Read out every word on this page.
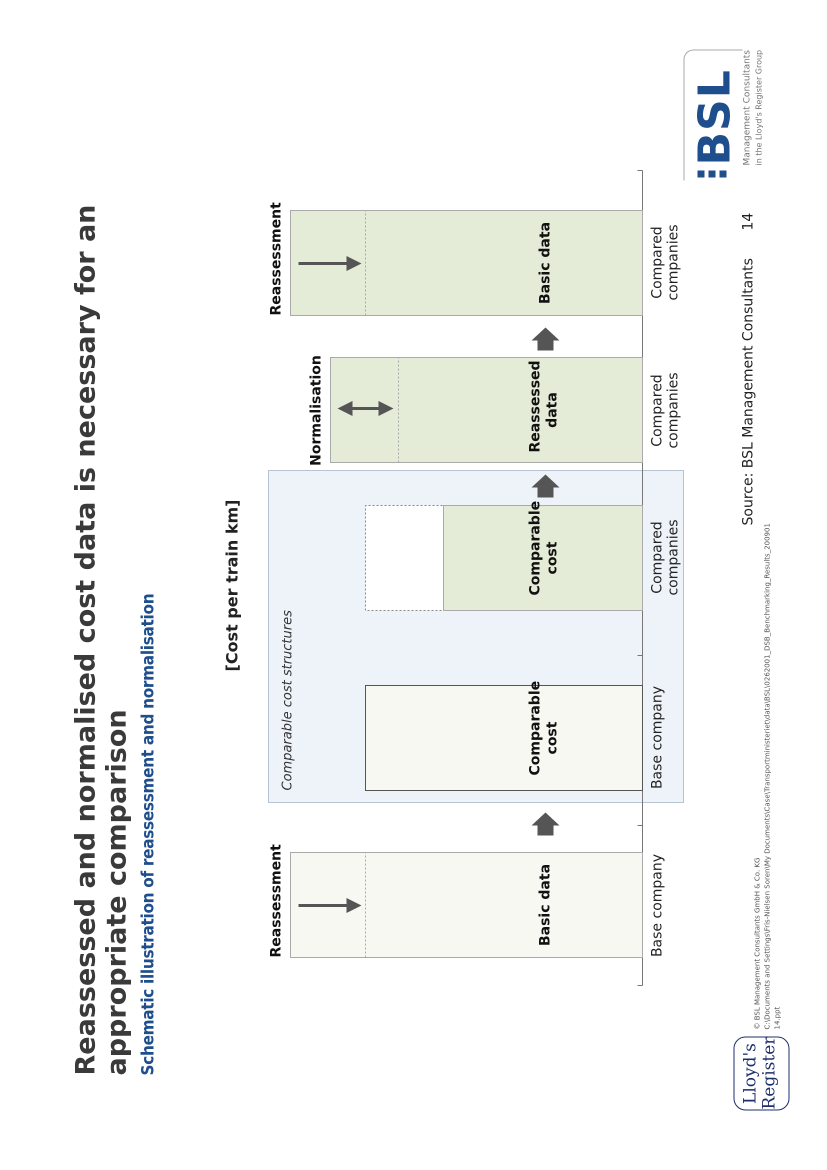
Reassessed and normalised cost data is necessary for an appropriate comparison Schematic illustration of reassessment and normalisation
[Cost per train km]
Comparable cost structures
Reassessment
Normalisation
Reassessment
Basic data
Comparable cost
Comparable cost
Reassessed data
Basic data
Base company
Base company
Compared companies
Compared companies
Compared companies	Source: BSL Management Consultants
14
BSL Management Consultants in the Lloyd's Register Group
Lloyd's Register
© BSL Management Consultants GmbH & Co. KG C:\Documents and Settings\Fris-Nielsen Soren\My Documents\Case\Transportministeriet\data\BSL\0262001_DSB_Benchmarking_Results_200901 14.ppt
